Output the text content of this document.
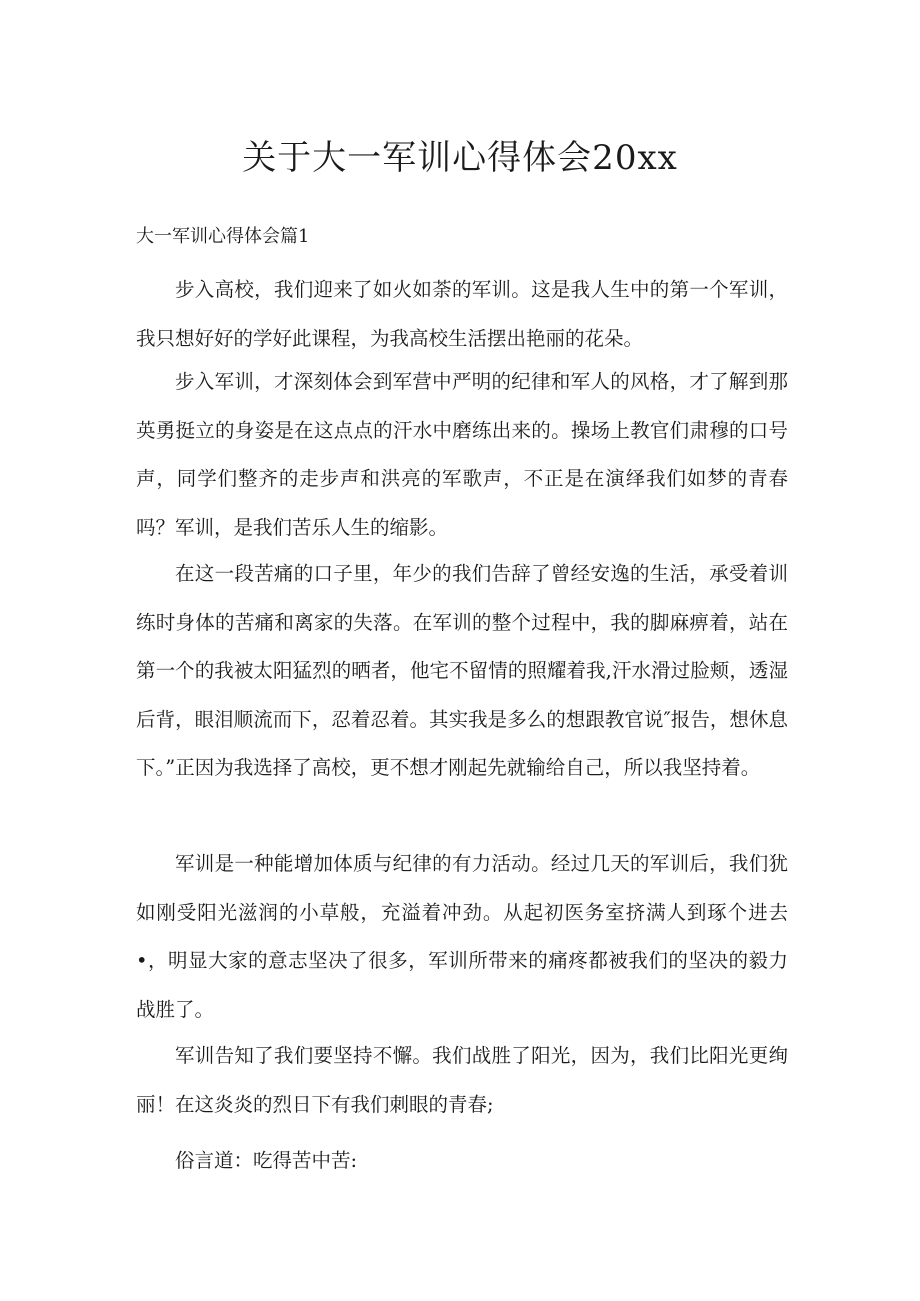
关于大一军训心得体会20xx
大一军训心得体会篇1

步入高校，我们迎来了如火如荼的军训。这是我人生中的第一个军训，我只想好好的学好此课程，为我高校生活摆出艳丽的花朵。

步入军训，才深刻体会到军营中严明的纪律和军人的风格，才了解到那英勇挺立的身姿是在这点点的汗水中磨练出来的。操场上教官们肃穆的口号声，同学们整齐的走步声和洪亮的军歌声，不正是在演绎我们如梦的青春吗？军训，是我们苦乐人生的缩影。

在这一段苦痛的口子里，年少的我们告辞了曾经安逸的生活，承受着训练时身体的苦痛和离家的失落。在军训的整个过程中，我的脚麻痹着，站在第一个的我被太阳猛烈的晒者，他宅不留情的照耀着我,汗水滑过脸颊，透湿后背，眼泪顺流而下，忍着忍着。其实我是多么的想跟教官说″报告，想休息下。”正因为我选择了高校，更不想才刚起先就输给自己，所以我坚持着。

军训是一种能增加体质与纪律的有力活动。经过几天的军训后，我们犹如刚受阳光滋润的小草般，充溢着冲劲。从起初医务室挤满人到琢个进去•，明显大家的意志坚决了很多，军训所带来的痛疼都被我们的坚决的毅力战胜了。

军训告知了我们要坚持不懈。我们战胜了阳光，因为，我们比阳光更绚丽！在这炎炎的烈日下有我们刺眼的青春;

俗言道：吃得苦中苦:
